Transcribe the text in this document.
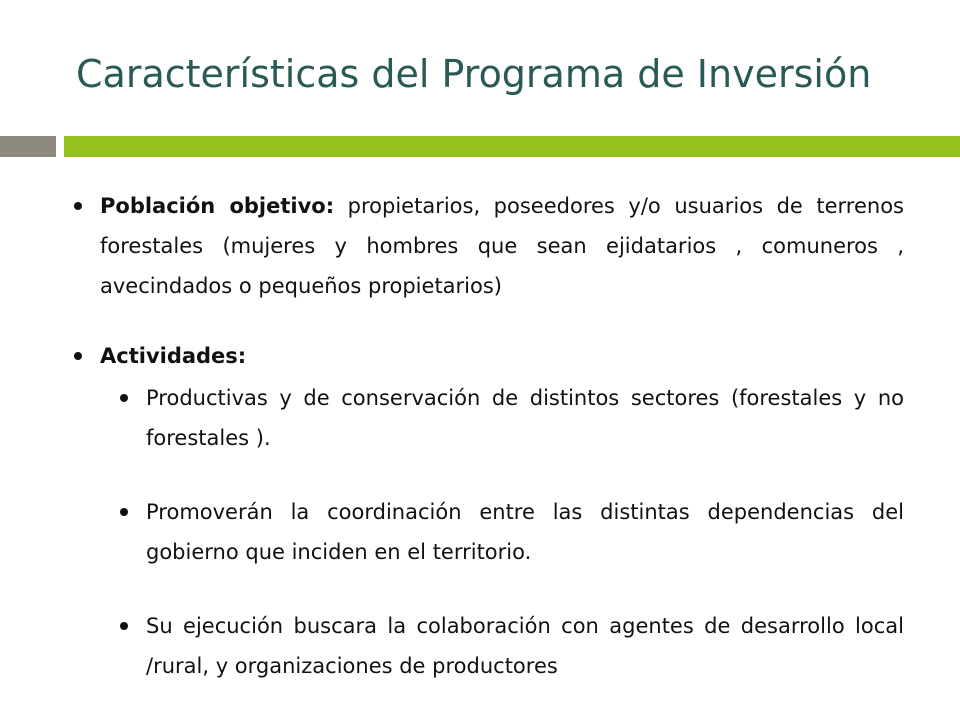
Características del Programa de Inversión
Población objetivo: propietarios, poseedores y/o usuarios de terrenos forestales (mujeres y hombres que sean ejidatarios , comuneros , avecindados o pequeños propietarios)
Actividades:
Productivas y de conservación de distintos sectores (forestales y no forestales ).
Promoverán la coordinación entre las distintas dependencias del gobierno que inciden en el territorio.
Su ejecución buscara la colaboración con agentes de desarrollo local /rural, y organizaciones de productores
